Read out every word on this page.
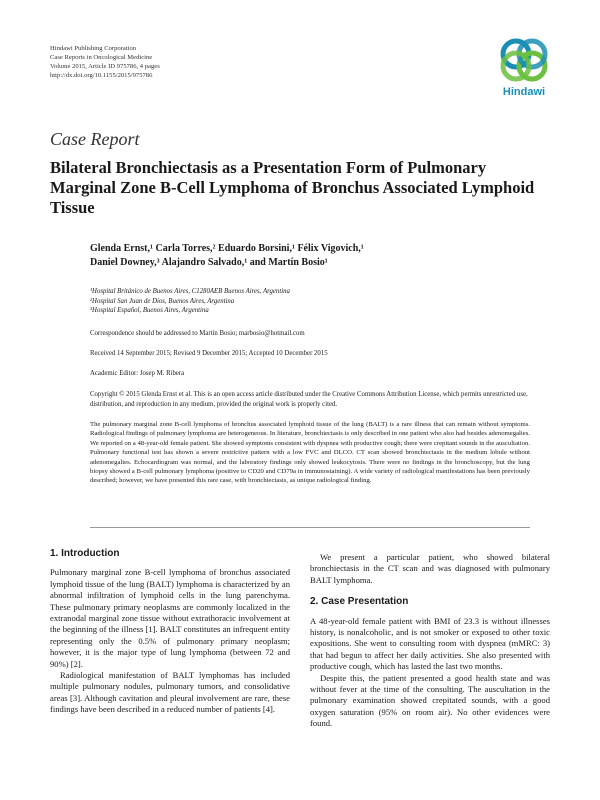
Hindawi Publishing Corporation
Case Reports in Oncological Medicine
Volume 2015, Article ID 975786, 4 pages
http://dx.doi.org/10.1155/2015/975786
Hindawi
Case Report
Bilateral Bronchiectasis as a Presentation Form of Pulmonary Marginal Zone B-Cell Lymphoma of Bronchus Associated Lymphoid Tissue
Glenda Ernst,¹ Carla Torres,² Eduardo Borsini,¹ Félix Vigovich,¹
Daniel Downey,³ Alajandro Salvado,¹ and Martín Bosio¹
¹Hospital Británico de Buenos Aires, C1280AEB Buenos Aires, Argentina
²Hospital San Juan de Dios, Buenos Aires, Argentina
³Hospital Español, Buenos Aires, Argentina
Correspondence should be addressed to Martín Bosio; marbosio@hotmail.com
Received 14 September 2015; Revised 9 December 2015; Accepted 10 December 2015
Academic Editor: Josep M. Ribera
Copyright © 2015 Glenda Ernst et al. This is an open access article distributed under the Creative Commons Attribution License, which permits unrestricted use, distribution, and reproduction in any medium, provided the original work is properly cited.
The pulmonary marginal zone B-cell lymphoma of bronchus associated lymphoid tissue of the lung (BALT) is a rare illness that can remain without symptoms. Radiological findings of pulmonary lymphoma are heterogeneous. In literature, bronchiectasis is only described in one patient who also had besides adenomegalies. We reported on a 48-year-old female patient. She showed symptoms consistent with dyspnea with productive cough; there were crepitant sounds in the auscultation. Pulmonary functional test has shown a severe restrictive pattern with a low FVC and DLCO. CT scan showed bronchiectasis in the medium lobule without adenomegalies. Echocardiogram was normal, and the laboratory findings only showed leukocytosis. There were no findings in the bronchoscopy, but the lung biopsy showed a B-cell pulmonary lymphoma (positive to CD20 and CD79a in immunostaining). A wide variety of radiological manifestations has been previously described; however, we have presented this rare case, with bronchiectasis, as unique radiological finding.
1. Introduction

Pulmonary marginal zone B-cell lymphoma of bronchus associated lymphoid tissue of the lung (BALT) lymphoma is characterized by an abnormal infiltration of lymphoid cells in the lung parenchyma. These pulmonary primary neoplasms are commonly localized in the extranodal marginal zone tissue without extrathoracic involvement at the beginning of the illness [1]. BALT constitutes an infrequent entity representing only the 0.5% of pulmonary primary neoplasm; however, it is the major type of lung lymphoma (between 72 and 90%) [2].

Radiological manifestation of BALT lymphomas has included multiple pulmonary nodules, pulmonary tumors, and consolidative areas [3]. Although cavitation and pleural involvement are rare, these findings have been described in a reduced number of patients [4].

We present a particular patient, who showed bilateral bronchiectasis in the CT scan and was diagnosed with pulmonary BALT lymphoma.

2. Case Presentation

A 48-year-old female patient with BMI of 23.3 is without illnesses history, is nonalcoholic, and is not smoker or exposed to other toxic expositions. She went to consulting room with dyspnea (mMRC: 3) that had begun to affect her daily activities. She also presented with productive cough, which has lasted the last two months.

Despite this, the patient presented a good health state and was without fever at the time of the consulting. The auscultation in the pulmonary examination showed crepitated sounds, with a good oxygen saturation (95% on room air). No other evidences were found.
